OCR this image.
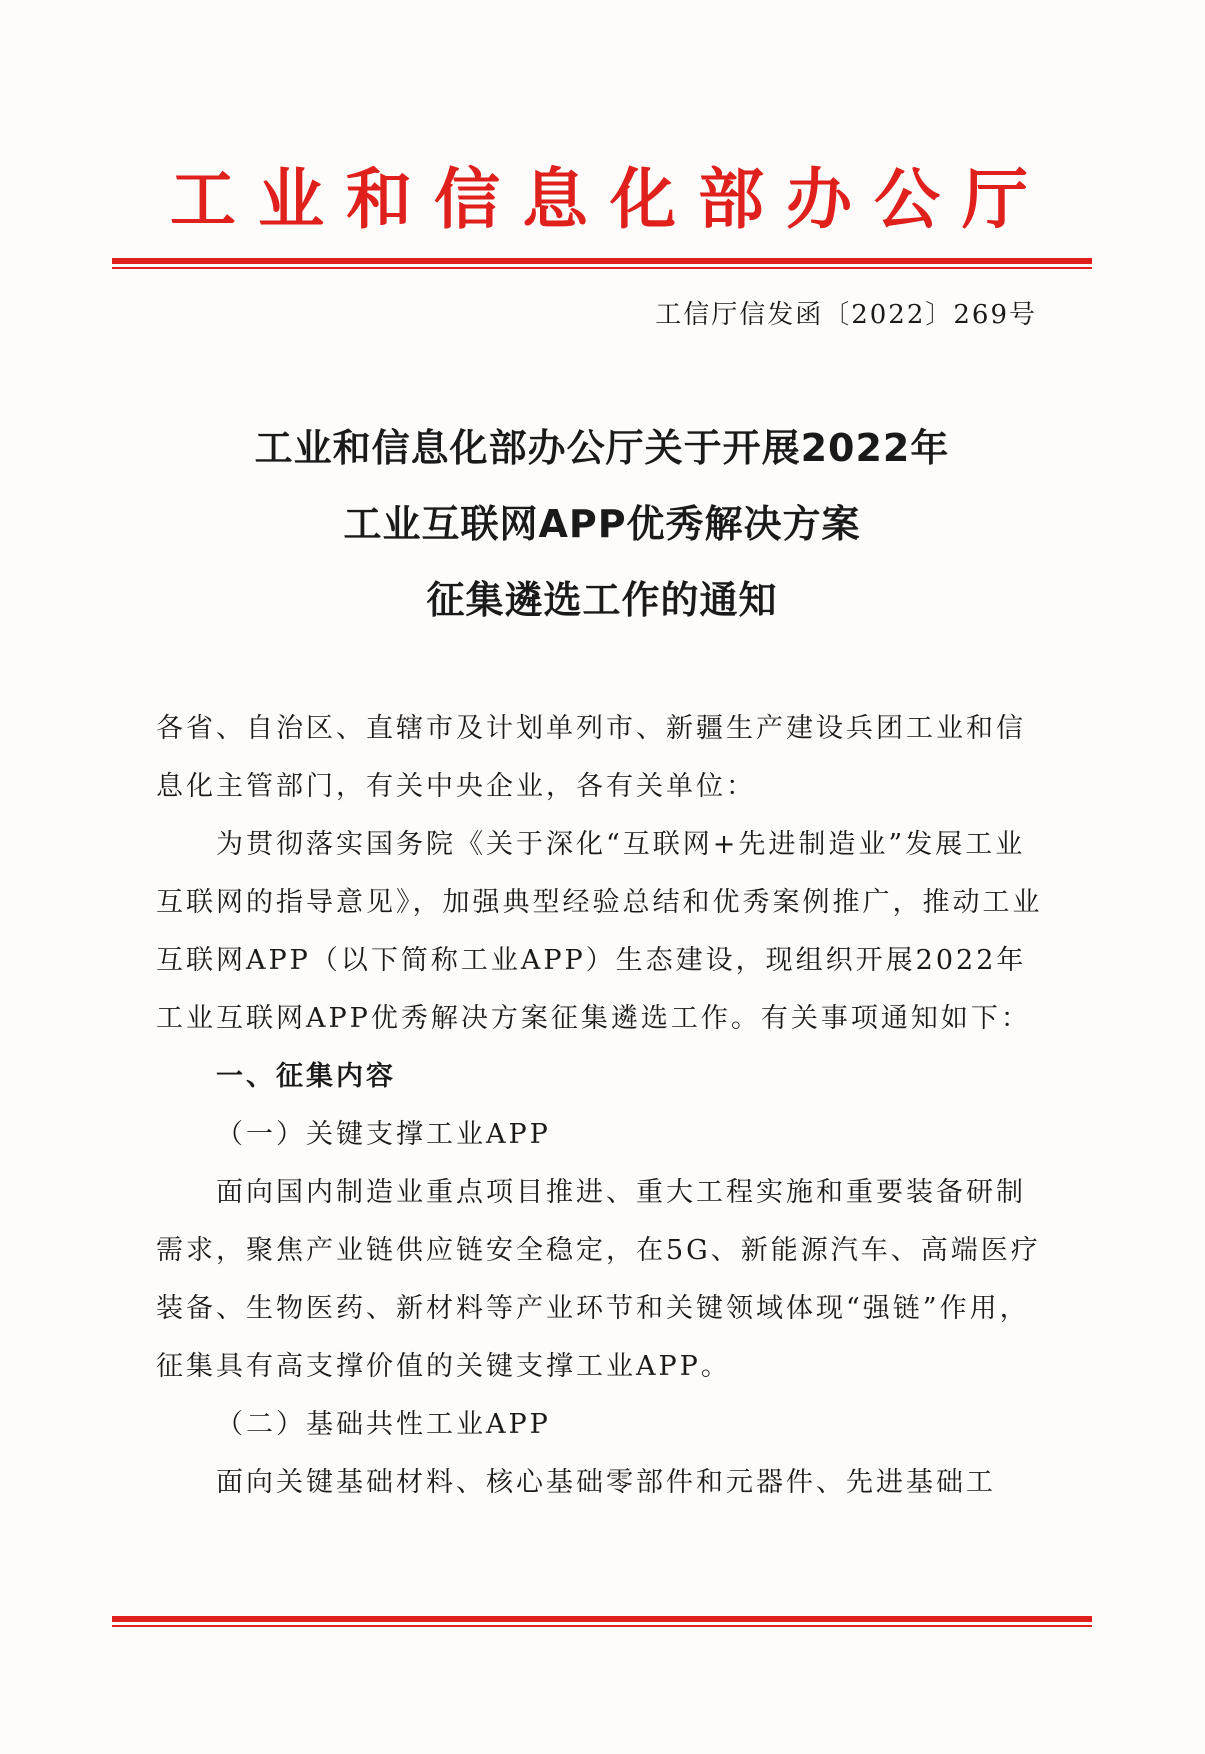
工业和信息化部办公厅
工信厅信发函〔2022〕269号
工业和信息化部办公厅关于开展2022年
工业互联网APP优秀解决方案
征集遴选工作的通知

各省、自治区、直辖市及计划单列市、新疆生产建设兵团工业和信息化主管部门，有关中央企业，各有关单位：

为贯彻落实国务院《关于深化“互联网+先进制造业”发展工业互联网的指导意见》，加强典型经验总结和优秀案例推广，推动工业互联网APP（以下简称工业APP）生态建设，现组织开展2022年工业互联网APP优秀解决方案征集遴选工作。有关事项通知如下：

一、征集内容

（一）关键支撑工业APP

面向国内制造业重点项目推进、重大工程实施和重要装备研制需求，聚焦产业链供应链安全稳定，在5G、新能源汽车、高端医疗装备、生物医药、新材料等产业环节和关键领域体现“强链”作用，征集具有高支撑价值的关键支撑工业APP。

（二）基础共性工业APP

面向关键基础材料、核心基础零部件和元器件、先进基础工
